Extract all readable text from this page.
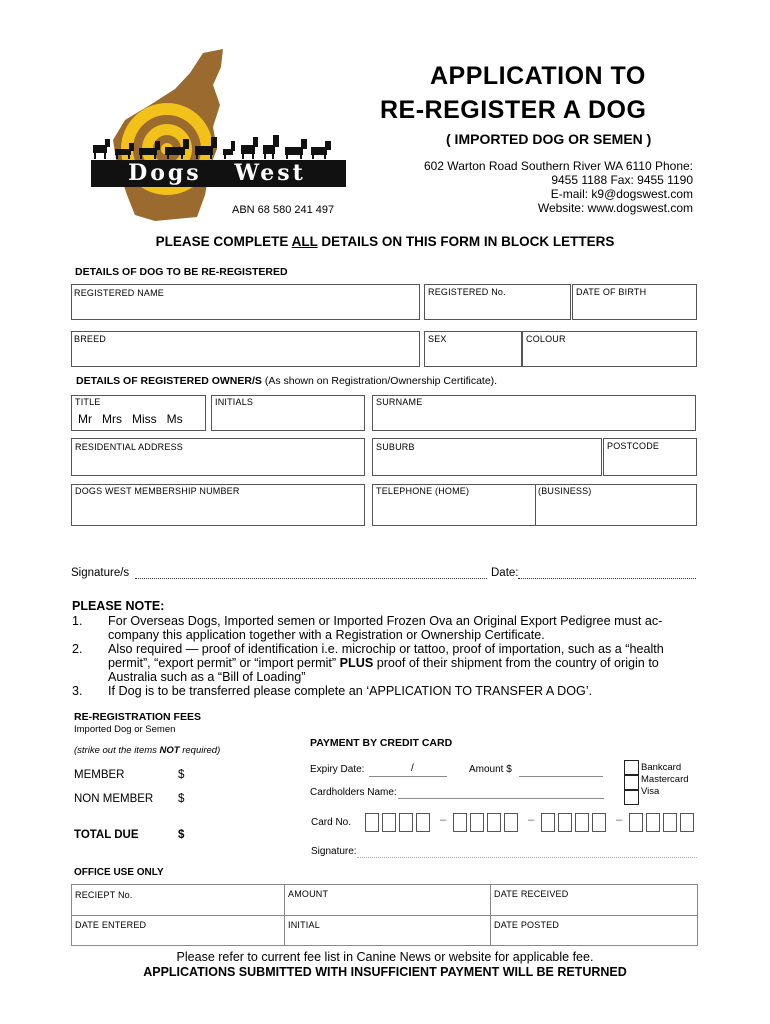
Dogs West
ABN 68 580 241 497
APPLICATION TO
RE-REGISTER A DOG
( IMPORTED DOG OR SEMEN )
602 Warton Road Southern River WA 6110 Phone:
9455 1188 Fax: 9455 1190
E-mail: k9@dogswest.com
Website: www.dogswest.com
PLEASE COMPLETE ALL DETAILS ON THIS FORM IN BLOCK LETTERS
DETAILS OF DOG TO BE RE-REGISTERED
REGISTERED NAME	REGISTERED No.	DATE OF BIRTH
BREED	SEX	COLOUR
DETAILS OF REGISTERED OWNER/S (As shown on Registration/Ownership Certificate).
TITLE
Mr   Mrs   Miss   Ms
INITIALS	SURNAME
RESIDENTIAL ADDRESS	SUBURB	POSTCODE
DOGS WEST MEMBERSHIP NUMBER	TELEPHONE (HOME)	(BUSINESS)
Signature/s	Date:
PLEASE NOTE:
1. For Overseas Dogs, Imported semen or Imported Frozen Ova an Original Export Pedigree must ac-
company this application together with a Registration or Ownership Certificate.
2. Also required — proof of identification i.e. microchip or tattoo, proof of importation, such as a “health
permit”, “export permit” or “import permit” PLUS proof of their shipment from the country of origin to
Australia such as a “Bill of Loading”
3. If Dog is to be transferred please complete an ‘APPLICATION TO TRANSFER A DOG’.
RE-REGISTRATION FEES
Imported Dog or Semen
(strike out the items NOT required)
MEMBER	$
NON MEMBER $
TOTAL DUE	$
PAYMENT BY CREDIT CARD
Expiry Date:	/	Amount $
Cardholders Name:
Bankcard
Mastercard
Visa
Card No.	–	–	–
Signature:
OFFICE USE ONLY
RECIEPT No.	AMOUNT	DATE RECEIVED
DATE ENTERED	INITIAL	DATE POSTED
Please refer to current fee list in Canine News or website for applicable fee.
APPLICATIONS SUBMITTED WITH INSUFFICIENT PAYMENT WILL BE RETURNED
